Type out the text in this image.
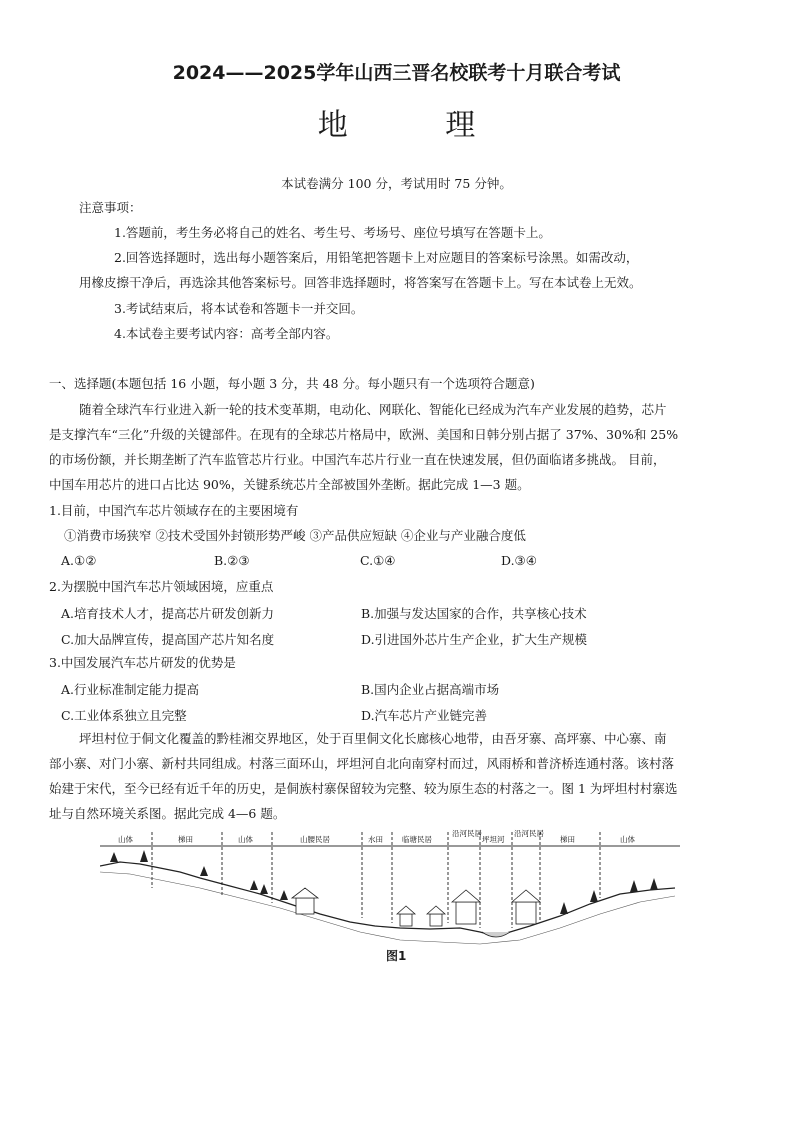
2024——2025学年山西三晋名校联考十月联合考试
地 理
本试卷满分 100 分，考试用时 75 分钟。
注意事项：
1.答题前，考生务必将自己的姓名、考生号、考场号、座位号填写在答题卡上。
2.回答选择题时，选出每小题答案后，用铅笔把答题卡上对应题目的答案标号涂黑。如需改动，
用橡皮擦干净后，再选涂其他答案标号。回答非选择题时，将答案写在答题卡上。写在本试卷上无效。
3.考试结束后，将本试卷和答题卡一并交回。
4.本试卷主要考试内容：高考全部内容。
一、选择题(本题包括 16 小题，每小题 3 分，共 48 分。每小题只有一个选项符合题意)
随着全球汽车行业进入新一轮的技术变革期，电动化、网联化、智能化已经成为汽车产业发展的趋势，芯片
是支撑汽车“三化”升级的关键部件。在现有的全球芯片格局中，欧洲、美国和日韩分别占据了 37%、30%和 25%
的市场份额，并长期垄断了汽车监管芯片行业。中国汽车芯片行业一直在快速发展，但仍面临诸多挑战。 目前，
中国车用芯片的进口占比达 90%，关键系统芯片全部被国外垄断。据此完成 1—3 题。
1.目前，中国汽车芯片领域存在的主要困境有
①消费市场狭窄 ②技术受国外封锁形势严峻 ③产品供应短缺 ④企业与产业融合度低
A.①②	B.②③	C.①④	D.③④
2.为摆脱中国汽车芯片领域困境，应重点
A.培育技术人才，提高芯片研发创新力	B.加强与发达国家的合作，共享核心技术
C.加大品牌宣传，提高国产芯片知名度	D.引进国外芯片生产企业，扩大生产规模
3.中国发展汽车芯片研发的优势是
A.行业标准制定能力提高	B.国内企业占据高端市场
C.工业体系独立且完整	D.汽车芯片产业链完善
坪坦村位于侗文化覆盖的黔桂湘交界地区，处于百里侗文化长廊核心地带，由吾牙寨、高坪寨、中心寨、南
部小寨、对门小寨、新村共同组成。村落三面环山，坪坦河自北向南穿村而过，风雨桥和普济桥连通村落。该村落
始建于宋代，至今已经有近千年的历史，是侗族村寨保留较为完整、较为原生态的村落之一。图 1 为坪坦村村寨选
址与自然环境关系图。据此完成 4—6 题。
山体	梯田	山体	山腰民居	水田	临塘民居
沿河民居
坪坦河
沿河民居
梯田	山体
图1
